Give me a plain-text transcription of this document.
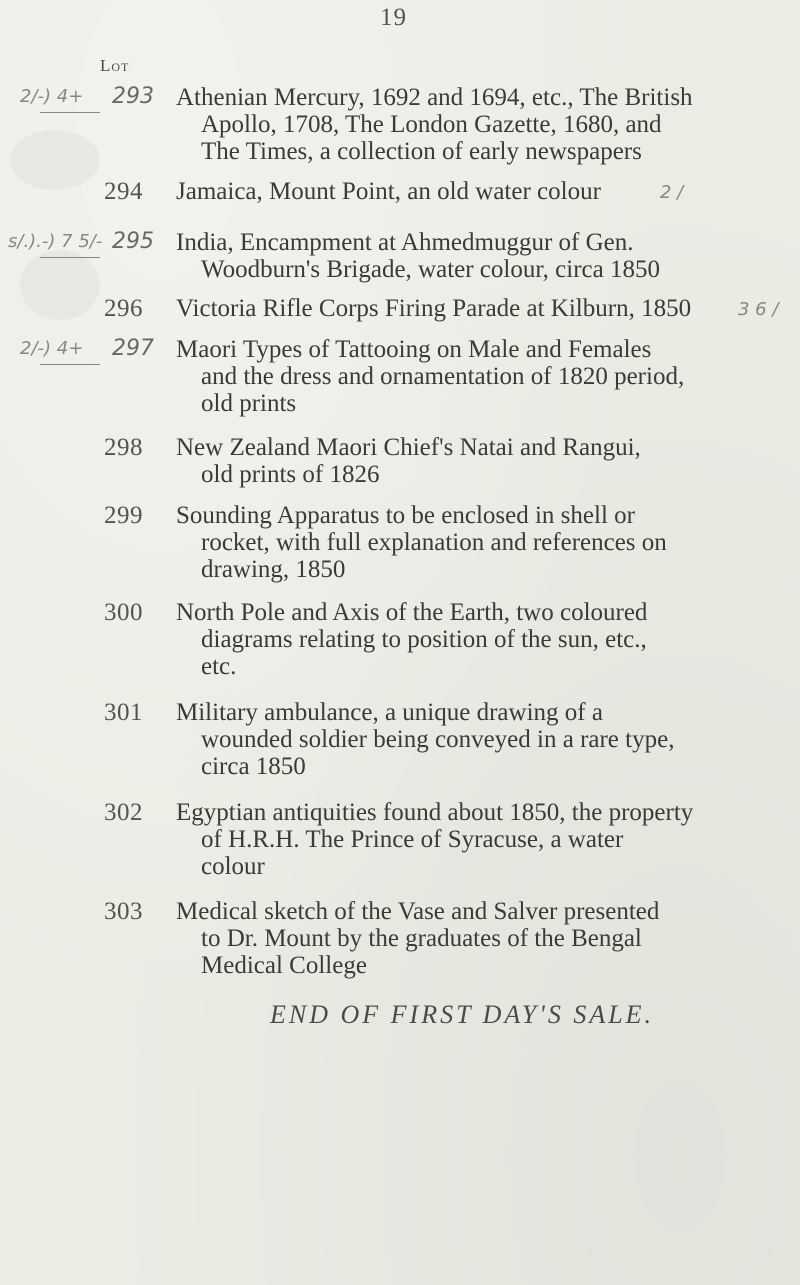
19
Lot
2/-) 4+ 293 Athenian Mercury, 1692 and 1694, etc., The British
Apollo, 1708, The London Gazette, 1680, and
The Times, a collection of early newspapers
294 Jamaica, Mount Point, an old water colour	2 /
s/.).-) 7 5/- 295 India, Encampment at Ahmedmuggur of Gen.
Woodburn's Brigade, water colour, circa 1850
296 Victoria Rifle Corps Firing Parade at Kilburn, 1850	3 6 /
2/-) 4+ 297 Maori Types of Tattooing on Male and Females
and the dress and ornamentation of 1820 period,
old prints
298 New Zealand Maori Chief's Natai and Rangui,
old prints of 1826
299 Sounding Apparatus to be enclosed in shell or
rocket, with full explanation and references on
drawing, 1850
300 North Pole and Axis of the Earth, two coloured
diagrams relating to position of the sun, etc.,
etc.
301 Military ambulance, a unique drawing of a
wounded soldier being conveyed in a rare type,
circa 1850
302 Egyptian antiquities found about 1850, the property
of H.R.H. The Prince of Syracuse, a water
colour
303 Medical sketch of the Vase and Salver presented
to Dr. Mount by the graduates of the Bengal
Medical College
END OF FIRST DAY'S SALE.
